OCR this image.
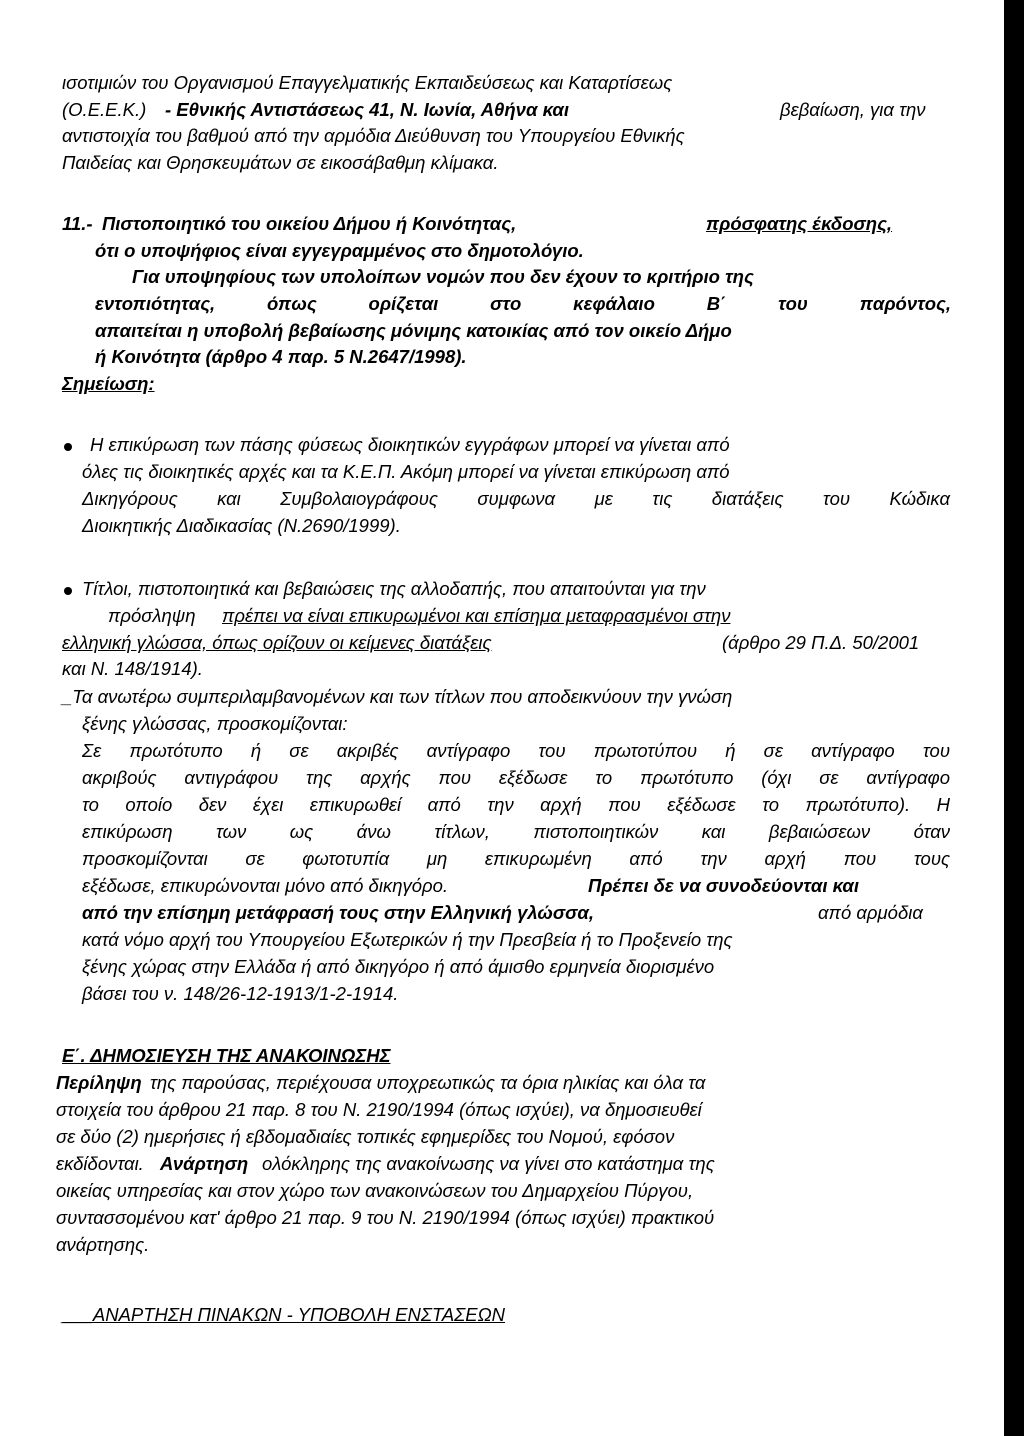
ισοτιμιών του Οργανισμού Επαγγελματικής Εκπαιδεύσεως και Καταρτίσεως
(Ο.Ε.Ε.Κ.) - Εθνικής Αντιστάσεως 41, Ν. Ιωνία, Αθήνα και	βεβαίωση, για την
αντιστοιχία του βαθμού από την αρμόδια Διεύθυνση του Υπουργείου Εθνικής
Παιδείας και Θρησκευμάτων σε εικοσάβαθμη κλίμακα.
11.- Πιστοποιητικό του οικείου Δήμου ή Κοινότητας,	πρόσφατης έκδοσης,
ότι ο υποψήφιος είναι εγγεγραμμένος στο δημοτολόγιο.
Για υποψηφίους των υπολοίπων νομών που δεν έχουν το κριτήριο της
εντοπιότητας, όπως ορίζεται στο κεφάλαιο Β΄ του παρόντος,
απαιτείται η υποβολή βεβαίωσης μόνιμης κατοικίας από τον οικείο Δήμο
ή Κοινότητα (άρθρο 4 παρ. 5 Ν.2647/1998).
Σημείωση:
Η επικύρωση των πάσης φύσεως διοικητικών εγγράφων μπορεί να γίνεται από
όλες τις διοικητικές αρχές και τα Κ.Ε.Π. Ακόμη μπορεί να γίνεται επικύρωση από
Δικηγόρους και Συμβολαιογράφους συμφωνα με τις διατάξεις του Κώδικα
Διοικητικής Διαδικασίας (Ν.2690/1999).
Τίτλοι, πιστοποιητικά και βεβαιώσεις της αλλοδαπής, που απαιτούνται για την
πρόσληψη πρέπει να είναι επικυρωμένοι και επίσημα μεταφρασμένοι στην
ελληνική γλώσσα, όπως ορίζουν οι κείμενες διατάξεις	(άρθρο 29 Π.Δ. 50/2001
και Ν. 148/1914).
_Τα ανωτέρω συμπεριλαμβανομένων και των τίτλων που αποδεικνύουν την γνώση
ξένης γλώσσας, προσκομίζονται:
Σε πρωτότυπο ή σε ακριβές αντίγραφο του πρωτοτύπου ή σε αντίγραφο του
ακριβούς αντιγράφου της αρχής που εξέδωσε το πρωτότυπο (όχι σε αντίγραφο
το οποίο δεν έχει επικυρωθεί από την αρχή που εξέδωσε το πρωτότυπο). Η
επικύρωση των ως άνω τίτλων, πιστοποιητικών και βεβαιώσεων όταν
προσκομίζονται σε φωτοτυπία μη επικυρωμένη από την αρχή που τους
εξέδωσε, επικυρώνονται μόνο από δικηγόρο.	Πρέπει δε να συνοδεύονται και
από την επίσημη μετάφρασή τους στην Ελληνική γλώσσα,	από αρμόδια
κατά νόμο αρχή του Υπουργείου Εξωτερικών ή την Πρεσβεία ή το Προξενείο της
ξένης χώρας στην Ελλάδα ή από δικηγόρο ή από άμισθο ερμηνεία διορισμένο
βάσει του ν. 148/26-12-1913/1-2-1914.
Ε΄. ΔΗΜΟΣΙΕΥΣΗ ΤΗΣ ΑΝΑΚΟΙΝΩΣΗΣ
Περίληψη της παρούσας, περιέχουσα υποχρεωτικώς τα όρια ηλικίας και όλα τα
στοιχεία του άρθρου 21 παρ. 8 του Ν. 2190/1994 (όπως ισχύει), να δημοσιευθεί
σε δύο (2) ημερήσιες ή εβδομαδιαίες τοπικές εφημερίδες του Νομού, εφόσον
εκδίδονται. Ανάρτηση ολόκληρης της ανακοίνωσης να γίνει στο κατάστημα της
οικείας υπηρεσίας και στον χώρο των ανακοινώσεων του Δημαρχείου Πύργου,
συντασσομένου κατ' άρθρο 21 παρ. 9 του Ν. 2190/1994 (όπως ισχύει) πρακτικού
ανάρτησης.
___ΑΝΑΡΤΗΣΗ ΠΙΝΑΚΩΝ - ΥΠΟΒΟΛΗ ΕΝΣΤΑΣΕΩΝ
